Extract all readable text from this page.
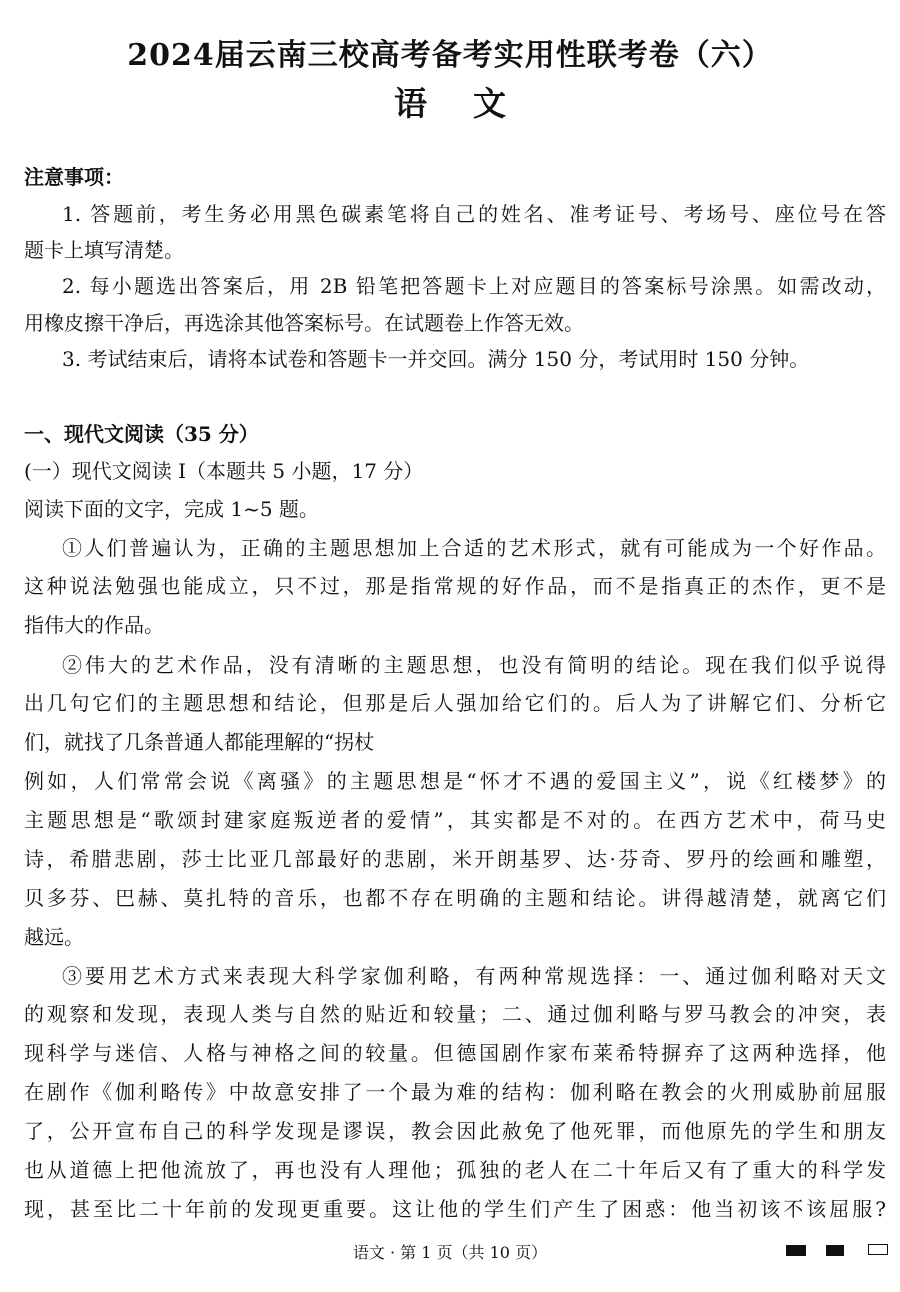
2024届云南三校高考备考实用性联考卷（六）
语文
注意事项：
1. 答题前，考生务必用黑色碳素笔将自己的姓名、准考证号、考场号、座位号在答
题卡上填写清楚。
2. 每小题选出答案后，用 2B 铅笔把答题卡上对应题目的答案标号涂黑。如需改动，
用橡皮擦干净后，再选涂其他答案标号。在试题卷上作答无效。
3. 考试结束后，请将本试卷和答题卡一并交回。满分 150 分，考试用时 150 分钟。
一、现代文阅读（35 分）
(一）现代文阅读 I（本题共 5 小题，17 分）
阅读下面的文字，完成 1~5 题。
①人们普遍认为，正确的主题思想加上合适的艺术形式，就有可能成为一个好作品。
这种说法勉强也能成立，只不过，那是指常规的好作品，而不是指真正的杰作，更不是
指伟大的作品。
②伟大的艺术作品，没有清晰的主题思想，也没有简明的结论。现在我们似乎说得
出几句它们的主题思想和结论，但那是后人强加给它们的。后人为了讲解它们、分析它
们，就找了几条普通人都能理解的“拐杖
例如，人们常常会说《离骚》的主题思想是“怀才不遇的爱国主义”，说《红楼梦》的
主题思想是“歌颂封建家庭叛逆者的爱情”，其实都是不对的。在西方艺术中，荷马史
诗，希腊悲剧，莎士比亚几部最好的悲剧，米开朗基罗、达·芬奇、罗丹的绘画和雕塑，
贝多芬、巴赫、莫扎特的音乐，也都不存在明确的主题和结论。讲得越清楚，就离它们
越远。
③要用艺术方式来表现大科学家伽利略，有两种常规选择：一、通过伽利略对天文
的观察和发现，表现人类与自然的贴近和较量；二、通过伽利略与罗马教会的冲突，表
现科学与迷信、人格与神格之间的较量。但德国剧作家布莱希特摒弃了这两种选择，他
在剧作《伽利略传》中故意安排了一个最为难的结构：伽利略在教会的火刑威胁前屈服
了，公开宣布自己的科学发现是谬误，教会因此赦免了他死罪，而他原先的学生和朋友
也从道德上把他流放了，再也没有人理他；孤独的老人在二十年后又有了重大的科学发
现，甚至比二十年前的发现更重要。这让他的学生们产生了困惑：他当初该不该屈服?
语文 · 第 1 页（共 10 页）
